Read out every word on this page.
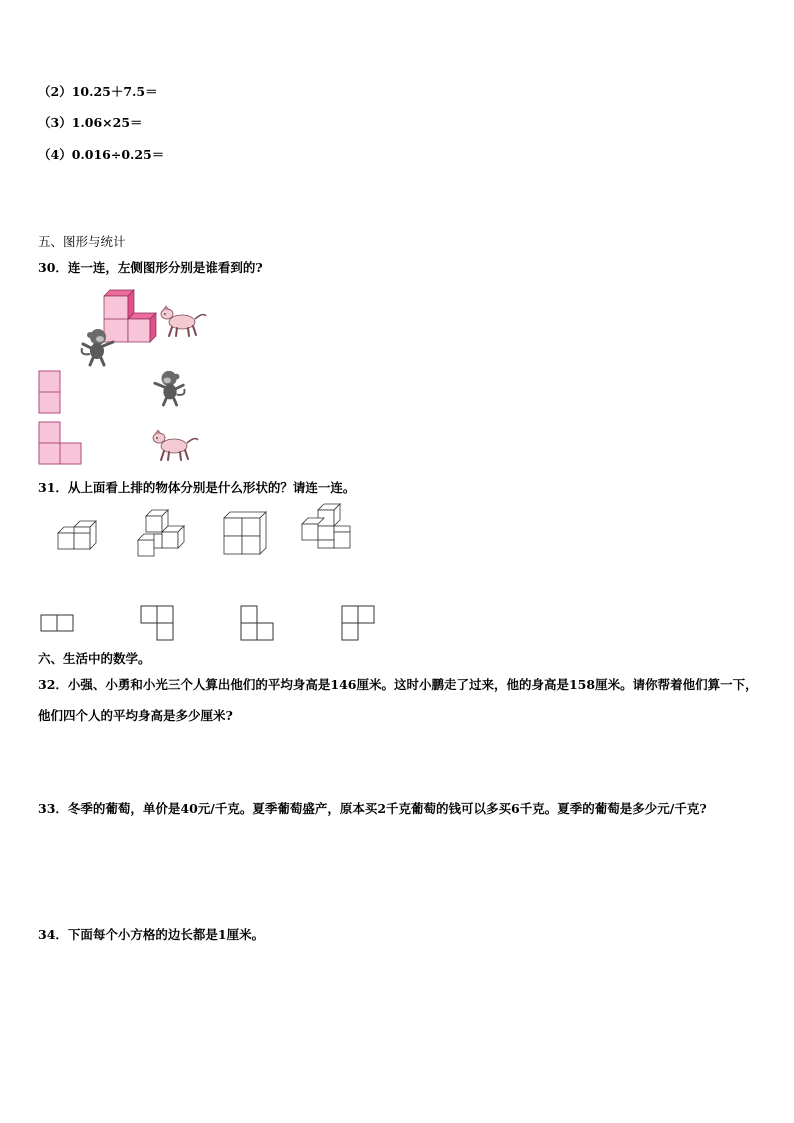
（2）10.25＋7.5＝
（3）1.06×25＝
（4）0.016÷0.25＝
五、图形与统计
30．连一连，左侧图形分别是谁看到的?
31．从上面看上排的物体分别是什么形状的？请连一连。
六、生活中的数学。
32．小强、小勇和小光三个人算出他们的平均身高是146厘米。这时小鹏走了过来，他的身高是158厘米。请你帮着他们算一下，他们四个人的平均身高是多少厘米?
33．冬季的葡萄，单价是40元/千克。夏季葡萄盛产，原本买2千克葡萄的钱可以多买6千克。夏季的葡萄是多少元/千克?
34．下面每个小方格的边长都是1厘米。
